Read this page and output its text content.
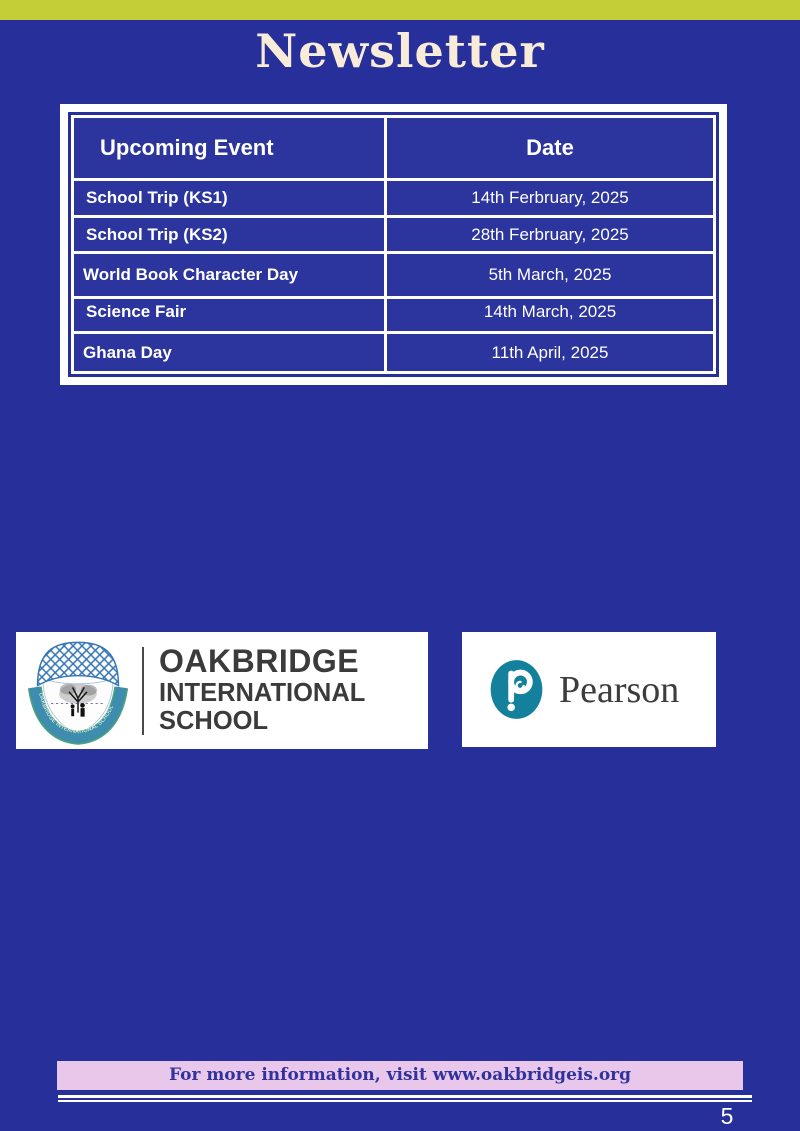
Newsletter
Upcoming Event	Date
School Trip (KS1)	14th Ferbruary, 2025
School Trip (KS2)	28th Ferbruary, 2025
World Book Character Day	5th March, 2025
Science Fair	14th March, 2025
Ghana Day	11th April, 2025
OAKBRIDGE INTERNATIONAL SCHOOL
OAKBRIDGE
INTERNATIONAL
SCHOOL
Pearson
For more information, visit www.oakbridgeis.org
5
